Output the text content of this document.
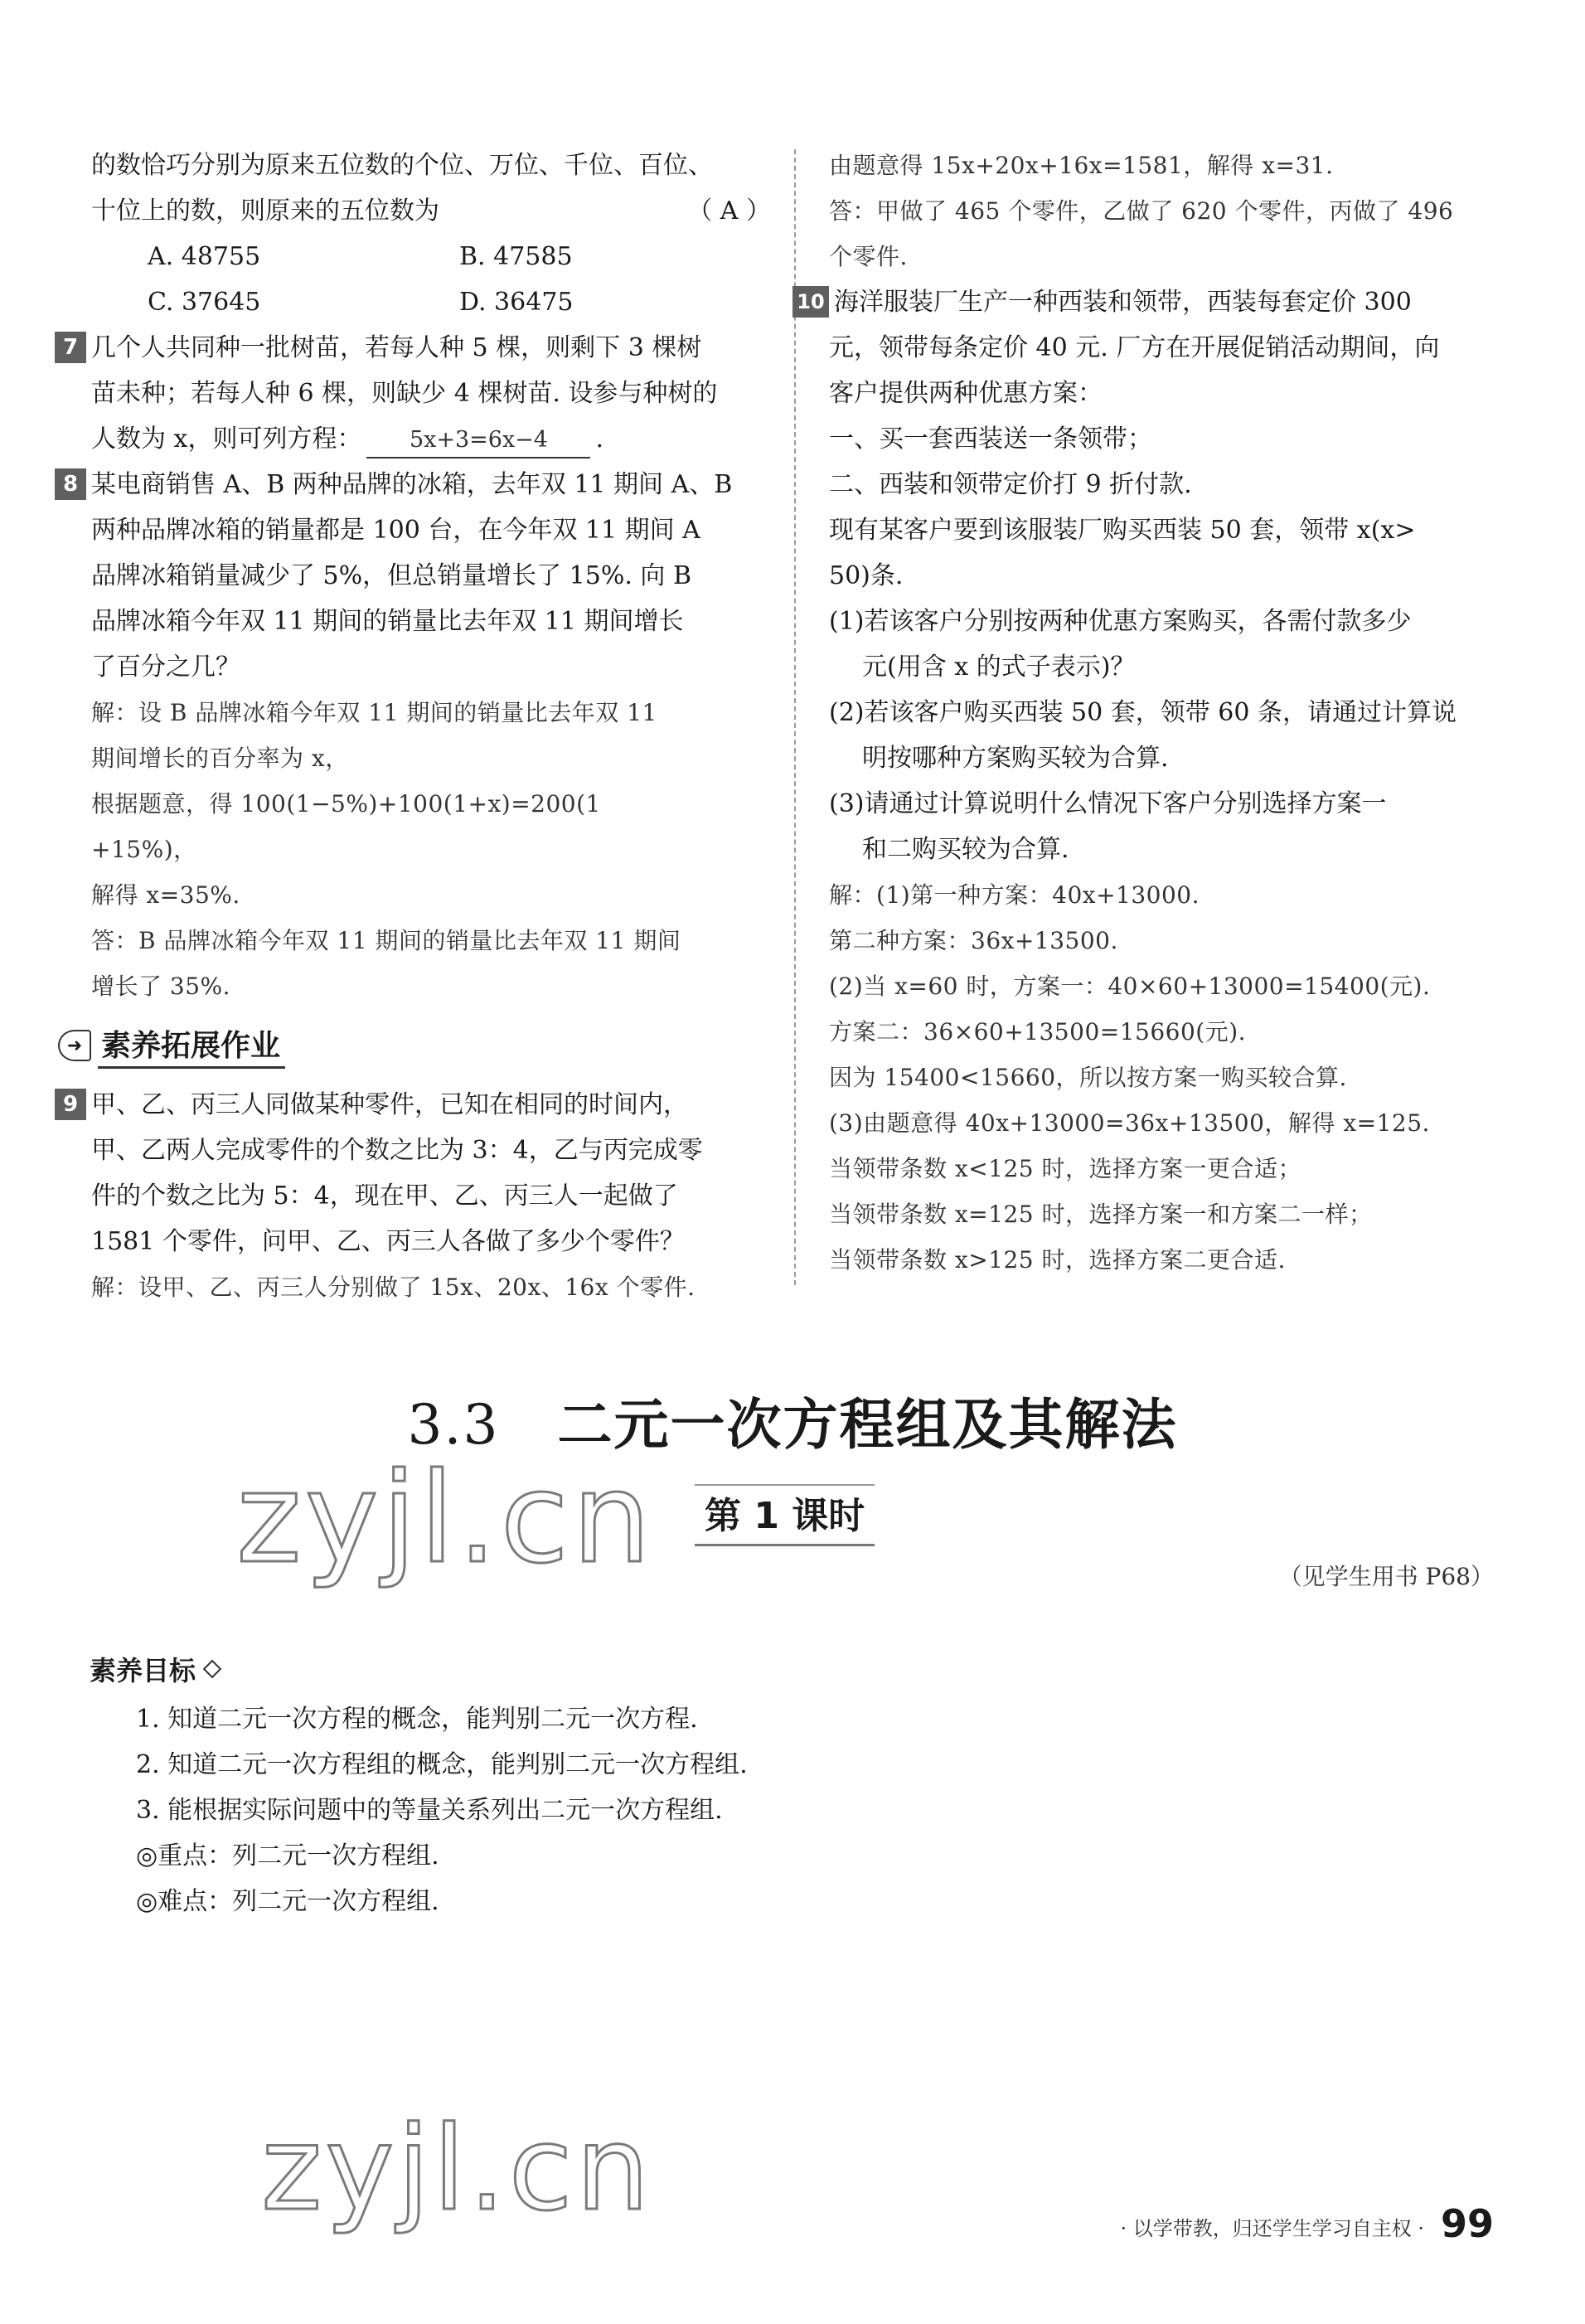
的数恰巧分别为原来五位数的个位、万位、千位、百位、
十位上的数，则原来的五位数为	（ A ）
A. 48755	B. 47585
C. 37645	D. 36475
7 几个人共同种一批树苗，若每人种 5 棵，则剩下 3 棵树
苗未种；若每人种 6 棵，则缺少 4 棵树苗. 设参与种树的
人数为 x，则可列方程： 5x+3=6x−4 .
8 某电商销售 A、B 两种品牌的冰箱，去年双 11 期间 A、B
两种品牌冰箱的销量都是 100 台，在今年双 11 期间 A
品牌冰箱销量减少了 5%，但总销量增长了 15%. 向 B
品牌冰箱今年双 11 期间的销量比去年双 11 期间增长
了百分之几？
解：设 B 品牌冰箱今年双 11 期间的销量比去年双 11
期间增长的百分率为 x，
根据题意，得 100(1−5%)+100(1+x)=200(1
+15%)，
解得 x=35%.
答：B 品牌冰箱今年双 11 期间的销量比去年双 11 期间
增长了 35%.
➜ 素养拓展作业
9 甲、乙、丙三人同做某种零件，已知在相同的时间内，
甲、乙两人完成零件的个数之比为 3：4，乙与丙完成零
件的个数之比为 5：4，现在甲、乙、丙三人一起做了
1581 个零件，问甲、乙、丙三人各做了多少个零件？
解：设甲、乙、丙三人分别做了 15x、20x、16x 个零件.
由题意得 15x+20x+16x=1581，解得 x=31.
答：甲做了 465 个零件，乙做了 620 个零件，丙做了 496
个零件.
10 海洋服装厂生产一种西装和领带，西装每套定价 300
元，领带每条定价 40 元. 厂方在开展促销活动期间，向
客户提供两种优惠方案：
一、买一套西装送一条领带；
二、西装和领带定价打 9 折付款.
现有某客户要到该服装厂购买西装 50 套，领带 x(x>
50)条.
(1)若该客户分别按两种优惠方案购买，各需付款多少
元(用含 x 的式子表示)？
(2)若该客户购买西装 50 套，领带 60 条，请通过计算说
明按哪种方案购买较为合算.
(3)请通过计算说明什么情况下客户分别选择方案一
和二购买较为合算.
解：(1)第一种方案：40x+13000.
第二种方案：36x+13500.
(2)当 x=60 时，方案一：40×60+13000=15400(元).
方案二：36×60+13500=15660(元).
因为 15400<15660，所以按方案一购买较合算.
(3)由题意得 40x+13000=36x+13500，解得 x=125.
当领带条数 x<125 时，选择方案一更合适；
当领带条数 x=125 时，选择方案一和方案二一样；
当领带条数 x>125 时，选择方案二更合适.
3.3 二元一次方程组及其解法
zyjl.cn 第 1 课时
（见学生用书 P68）
素养目标
1. 知道二元一次方程的概念，能判别二元一次方程.
2. 知道二元一次方程组的概念，能判别二元一次方程组.
3. 能根据实际问题中的等量关系列出二元一次方程组.
◎重点：列二元一次方程组.
◎难点：列二元一次方程组.
zyjl.cn	· 以学带教，归还学生学习自主权 · 99
